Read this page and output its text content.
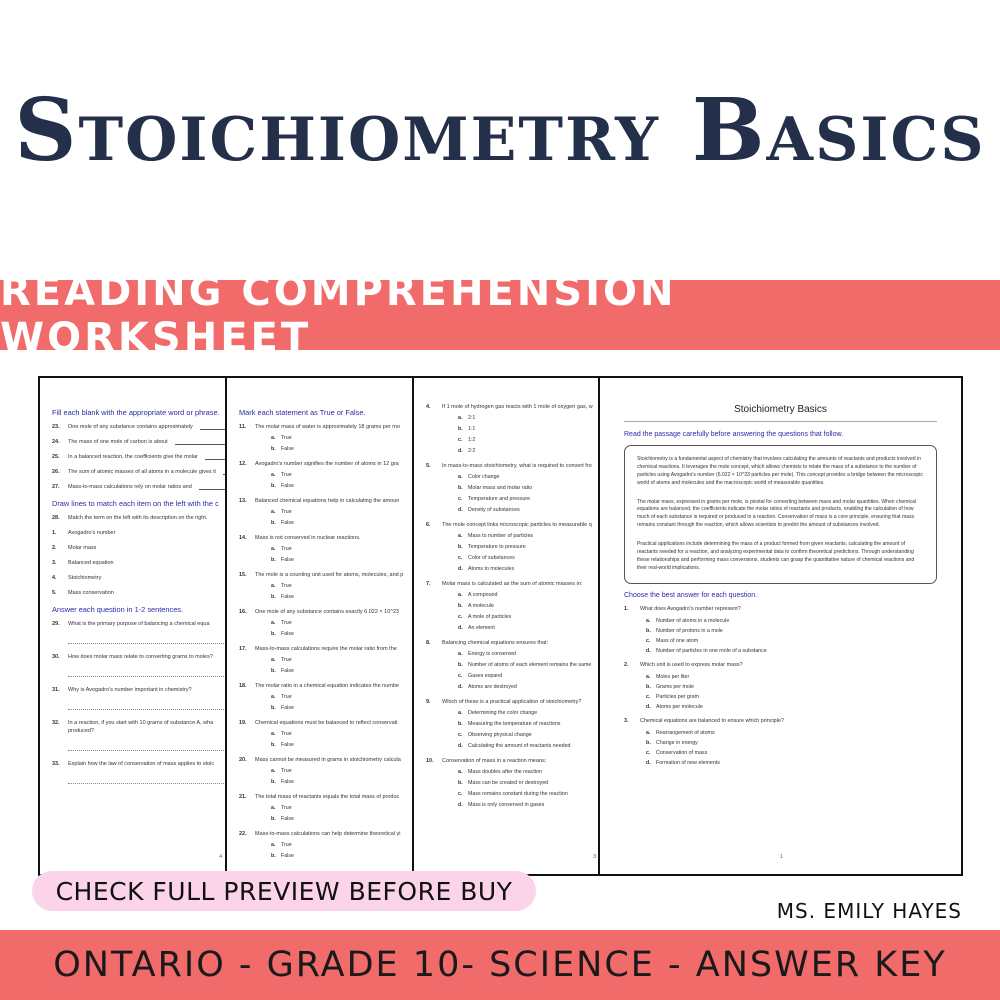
Stoichiometry Basics
READING COMPREHENSION WORKSHEET
Fill each blank with the appropriate word or phrase.
23.	One mole of any substance contains approximately
24.	The mass of one mole of carbon is about
25.	In a balanced reaction, the coefficients give the molar
26.	The sum of atomic masses of all atoms in a molecule gives it
27.	Mass-to-mass calculations rely on molar ratios and
Draw lines to match each item on the left with the c
28.	Match the term on the left with its description on the right.
1.	Avogadro's number
2.	Molar mass
3.	Balanced equation
4.	Stoichiometry
5.	Mass conservation
Answer each question in 1-2 sentences.
29.	What is the primary purpose of balancing a chemical equa
30.	How does molar mass relate to converting grams to moles?
31.	Why is Avogadro's number important in chemistry?
32.	In a reaction, if you start with 10 grams of substance A, wha
produced?
33.	Explain how the law of conservation of mass applies to stoic
4
Mark each statement as True or False.
11.	The molar mass of water is approximately 18 grams per mo
a. True
b. False
12.	Avogadro's number signifies the number of atoms in 12 gra
a. True
b. False
13.	Balanced chemical equations help in calculating the amoun
a. True
b. False
14.	Mass is not conserved in nuclear reactions.
a. True
b. False
15.	The mole is a counting unit used for atoms, molecules, and p
a. True
b. False
16.	One mole of any substance contains exactly 6.022 × 10^23
a. True
b. False
17.	Mass-to-mass calculations require the molar ratio from the
a. True
b. False
18.	The molar ratio in a chemical equation indicates the numbe
a. True
b. False
19.	Chemical equations must be balanced to reflect conservati
a. True
b. False
20.	Mass cannot be measured in grams in stoichiometry calcula
a. True
b. False
21.	The total mass of reactants equals the total mass of produc
a. True
b. False
22.	Mass-to-mass calculations can help determine theoretical yi
a. True
b. False
4.	If 1 mole of hydrogen gas reacts with 1 mole of oxygen gas, w
a. 2:1
b. 1:1
c. 1:2
d. 2:2
5.	In mass-to-mass stoichiometry, what is required to convert fro
a. Color change
b. Molar mass and molar ratio
c. Temperature and pressure
d. Density of substances
6.	The mole concept links microscopic particles to measurable q
a. Mass to number of particles
b. Temperature to pressure
c. Color of substances
d. Atoms to molecules
7.	Molar mass is calculated as the sum of atomic masses in:
a. A compound
b. A molecule
c. A mole of particles
d. An element
8.	Balancing chemical equations ensures that:
a. Energy is conserved
b. Number of atoms of each element remains the same
c. Gases expand
d. Atoms are destroyed
9.	Which of these is a practical application of stoichiometry?
a. Determining the color change
b. Measuring the temperature of reactions
c. Observing physical change
d. Calculating the amount of reactants needed
10.	Conservation of mass in a reaction means:
a. Mass doubles after the reaction
b. Mass can be created or destroyed
c. Mass remains constant during the reaction
d. Mass is only conserved in gases
3
Stoichiometry Basics
Read the passage carefully before answering the questions that follow.

Stoichiometry is a fundamental aspect of chemistry that involves calculating the amounts of reactants and products involved in chemical reactions. It leverages the mole concept, which allows chemists to relate the mass of a substance to the number of particles using Avogadro's number (6.022 × 10^23 particles per mole). This concept provides a bridge between the microscopic world of atoms and molecules and the macroscopic world of measurable quantities.

The molar mass, expressed in grams per mole, is pivotal for converting between mass and molar quantities. When chemical equations are balanced, the coefficients indicate the molar ratios of reactants and products, enabling the calculation of how much of each substance is required or produced in a reaction. Conservation of mass is a core principle, ensuring that mass remains constant through the reaction, which allows scientists to predict the amount of substances involved.

Practical applications include determining the mass of a product formed from given reactants, calculating the amount of reactants needed for a reaction, and analyzing experimental data to confirm theoretical predictions. Through understanding these relationships and performing mass conversions, students can grasp the quantitative nature of chemical reactions and their real-world implications.

Choose the best answer for each question.
1.	What does Avogadro's number represent?
a. Number of atoms in a molecule
b. Number of protons in a mole
c. Mass of one atom
d. Number of particles in one mole of a substance
2.	Which unit is used to express molar mass?
a. Moles per liter
b. Grams per mole
c. Particles per gram
d. Atoms per molecule
3.	Chemical equations are balanced to ensure which principle?
a. Rearrangement of atoms
b. Change in energy
c. Conservation of mass
d. Formation of new elements
1
CHECK FULL PREVIEW BEFORE BUY
MS. EMILY HAYES
ONTARIO - GRADE 10- SCIENCE - ANSWER KEY
